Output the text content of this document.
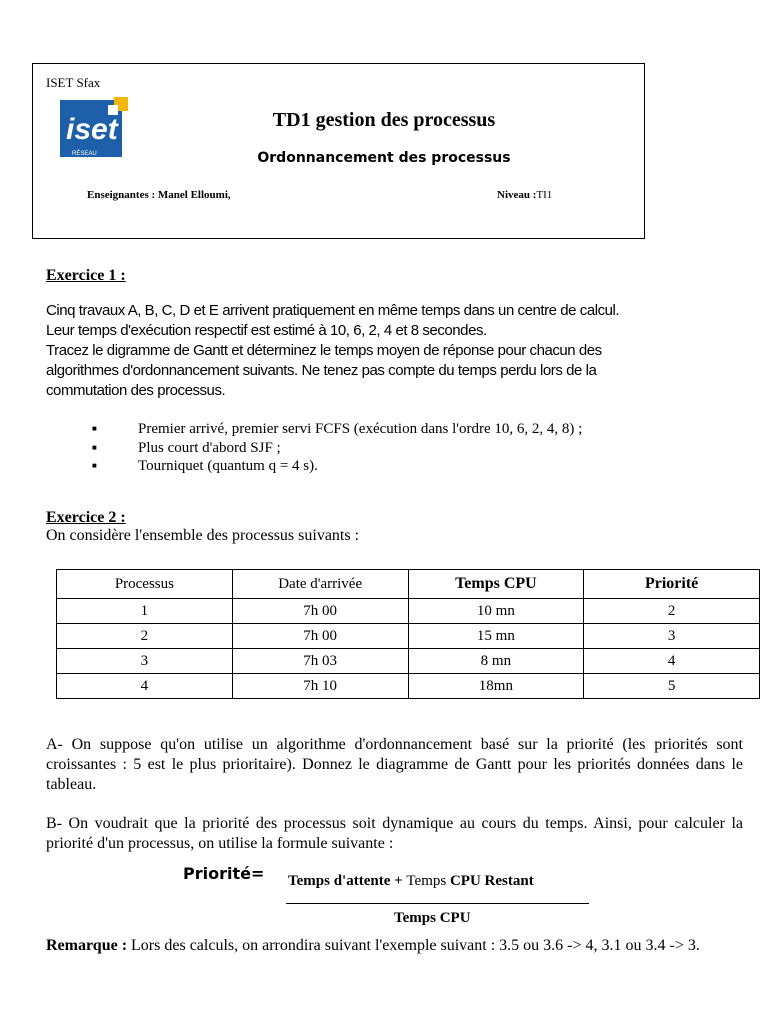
ISET Sfax
iset
RÉSEAU
TD1 gestion des processus
Ordonnancement des processus
Enseignantes : Manel Elloumi,	Niveau :TI1
Exercice 1 :
Cinq travaux A, B, C, D et E arrivent pratiquement en même temps dans un centre de calcul.
Leur temps d'exécution respectif est estimé à 10, 6, 2, 4 et 8 secondes.
Tracez le digramme de Gantt et déterminez le temps moyen de réponse pour chacun des
algorithmes d'ordonnancement suivants. Ne tenez pas compte du temps perdu lors de la
commutation des processus.
■	Premier arrivé, premier servi FCFS (exécution dans l'ordre 10, 6, 2, 4, 8) ;
■	Plus court d'abord SJF ;
■	Tourniquet (quantum q = 4 s).
Exercice 2 :
On considère l'ensemble des processus suivants :
Processus	Date d'arrivée	Temps CPU	Priorité
1	7h 00	10 mn	2
2	7h 00	15 mn	3
3	7h 03	8 mn	4
4	7h 10	18mn	5
A- On suppose qu'on utilise un algorithme d'ordonnancement basé sur la priorité (les priorités sont croissantes : 5 est le plus prioritaire). Donnez le diagramme de Gantt pour les priorités données dans le tableau.
B- On voudrait que la priorité des processus soit dynamique au cours du temps. Ainsi, pour calculer la priorité d'un processus, on utilise la formule suivante :
Priorité= Temps d'attente + Temps CPU Restant
Temps CPU
Remarque : Lors des calculs, on arrondira suivant l'exemple suivant : 3.5 ou 3.6 -> 4, 3.1 ou 3.4 -> 3.
